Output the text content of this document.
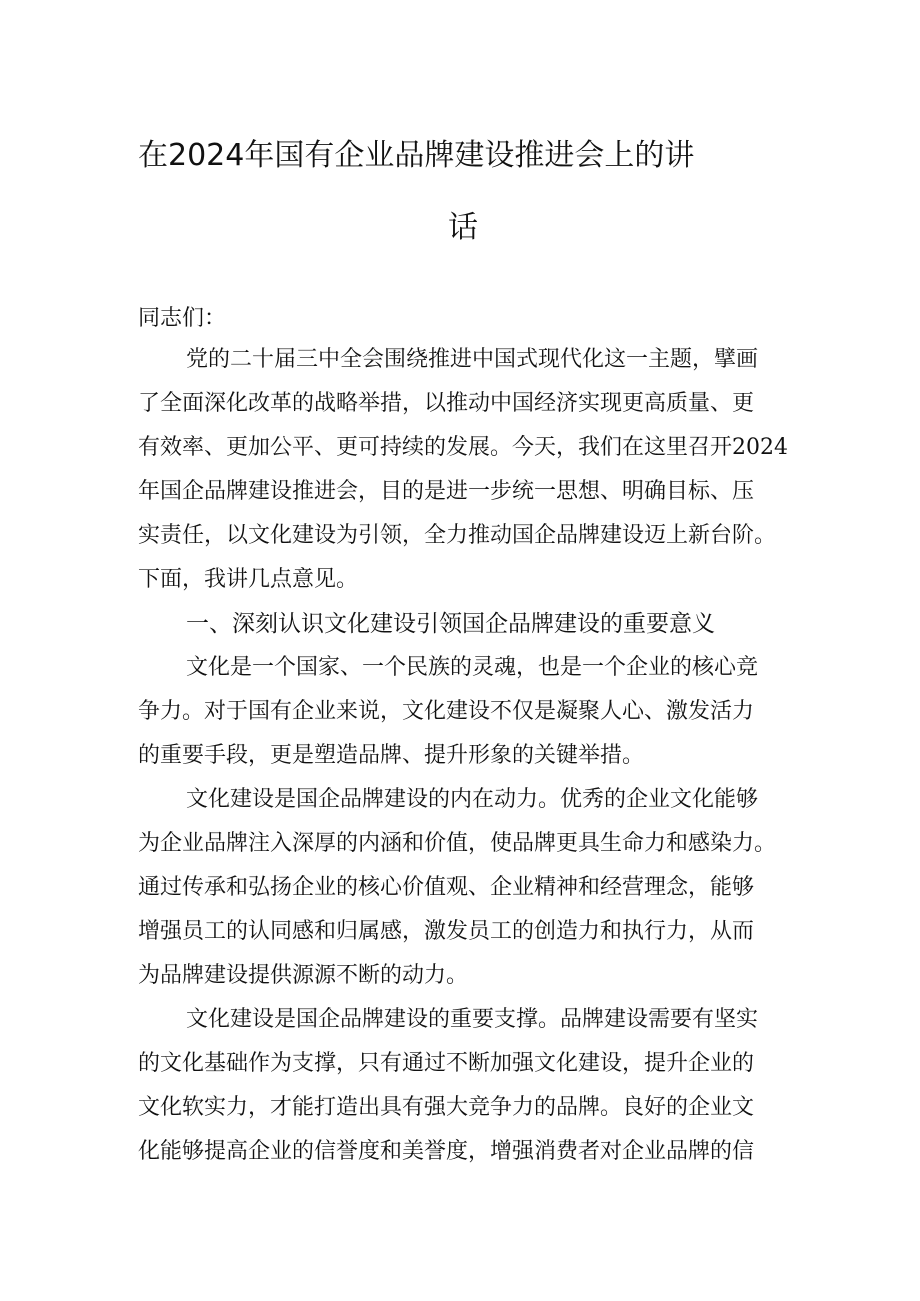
在2024年国有企业品牌建设推进会上的讲
话
同志们：
党的二十届三中全会围绕推进中国式现代化这一主题，擘画
了全面深化改革的战略举措，以推动中国经济实现更高质量、更
有效率、更加公平、更可持续的发展。今天，我们在这里召开2024
年国企品牌建设推进会，目的是进一步统一思想、明确目标、压
实责任，以文化建设为引领，全力推动国企品牌建设迈上新台阶。
下面，我讲几点意见。
一、深刻认识文化建设引领国企品牌建设的重要意义
文化是一个国家、一个民族的灵魂，也是一个企业的核心竞
争力。对于国有企业来说，文化建设不仅是凝聚人心、激发活力
的重要手段，更是塑造品牌、提升形象的关键举措。
文化建设是国企品牌建设的内在动力。优秀的企业文化能够
为企业品牌注入深厚的内涵和价值，使品牌更具生命力和感染力。
通过传承和弘扬企业的核心价值观、企业精神和经营理念，能够
增强员工的认同感和归属感，激发员工的创造力和执行力，从而
为品牌建设提供源源不断的动力。
文化建设是国企品牌建设的重要支撑。品牌建设需要有坚实
的文化基础作为支撑，只有通过不断加强文化建设，提升企业的
文化软实力，才能打造出具有强大竞争力的品牌。良好的企业文
化能够提高企业的信誉度和美誉度，增强消费者对企业品牌的信
